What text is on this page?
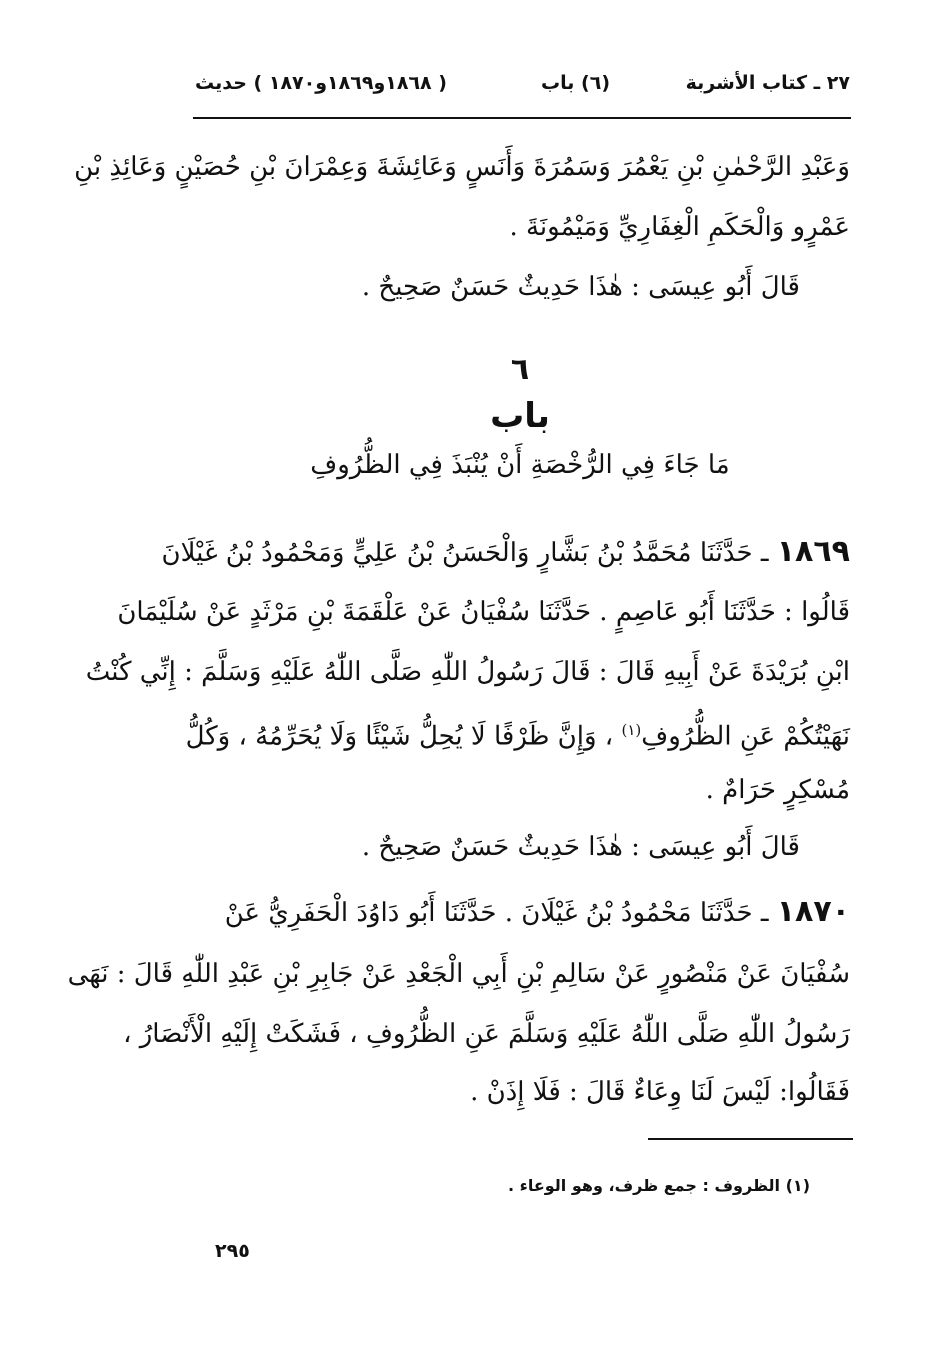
٢٧ ـ كتاب الأشربة
(٦) باب
( ١٨٦٨و١٨٦٩و١٨٧٠ ) حديث
وَعَبْدِ الرَّحْمٰنِ بْنِ يَعْمُرَ وَسَمُرَةَ وَأَنَسٍ وَعَائِشَةَ وَعِمْرَانَ بْنِ حُصَيْنٍ وَعَائِذِ بْنِ
عَمْرٍو وَالْحَكَمِ الْغِفَارِيِّ وَمَيْمُونَةَ .
قَالَ أَبُو عِيسَى : هٰذَا حَدِيثٌ حَسَنٌ صَحِيحٌ .
٦
باب
مَا جَاءَ فِي الرُّخْصَةِ أَنْ يُنْبَذَ فِي الظُّرُوفِ
١٨٦٩ ـ حَدَّثَنَا مُحَمَّدُ بْنُ بَشَّارٍ وَالْحَسَنُ بْنُ عَلِيٍّ وَمَحْمُودُ بْنُ غَيْلَانَ
قَالُوا : حَدَّثَنَا أَبُو عَاصِمٍ . حَدَّثَنَا سُفْيَانُ عَنْ عَلْقَمَةَ بْنِ مَرْثَدٍ عَنْ سُلَيْمَانَ
ابْنِ بُرَيْدَةَ عَنْ أَبِيهِ قَالَ : قَالَ رَسُولُ اللّٰهِ صَلَّى اللّٰهُ عَلَيْهِ وَسَلَّمَ : إِنِّي كُنْتُ
نَهَيْتُكُمْ عَنِ الظُّرُوفِ$^{(١)}$ ، وَإِنَّ ظَرْفًا لَا يُحِلُّ شَيْئًا وَلَا يُحَرِّمُهُ ، وَكُلُّ
مُسْكِرٍ حَرَامٌ .
قَالَ أَبُو عِيسَى : هٰذَا حَدِيثٌ حَسَنٌ صَحِيحٌ .
١٨٧٠ ـ حَدَّثَنَا مَحْمُودُ بْنُ غَيْلَانَ . حَدَّثَنَا أَبُو دَاوُدَ الْحَفَرِيُّ عَنْ
سُفْيَانَ عَنْ مَنْصُورٍ عَنْ سَالِمِ بْنِ أَبِي الْجَعْدِ عَنْ جَابِرِ بْنِ عَبْدِ اللّٰهِ قَالَ : نَهَى
رَسُولُ اللّٰهِ صَلَّى اللّٰهُ عَلَيْهِ وَسَلَّمَ عَنِ الظُّرُوفِ ، فَشَكَتْ إِلَيْهِ الْأَنْصَارُ ،
فَقَالُوا: لَيْسَ لَنَا وِعَاءٌ قَالَ : فَلَا إِذَنْ .
(١) الظروف : جمع ظرف، وهو الوعاء .
٢٩٥
